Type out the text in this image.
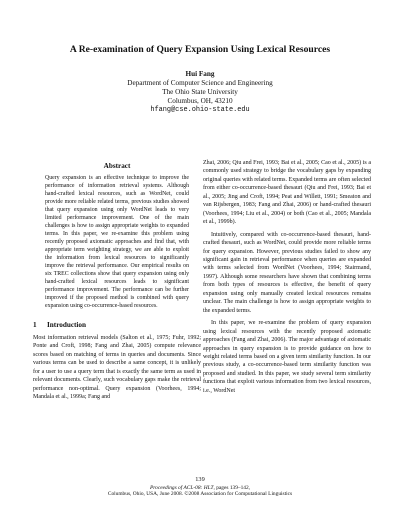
A Re-examination of Query Expansion Using Lexical Resources
Hui Fang
Department of Computer Science and Engineering
The Ohio State University
Columbus, OH, 43210
hfang@cse.ohio-state.edu
Abstract

Query expansion is an effective technique to improve the performance of information retrieval systems. Although hand-crafted lexical resources, such as WordNet, could provide more reliable related terms, previous studies showed that query expansion using only WordNet leads to very limited performance improvement. One of the main challenges is how to assign appropriate weights to expanded terms. In this paper, we re-examine this problem using recently proposed axiomatic approaches and find that, with appropriate term weighting strategy, we are able to exploit the information from lexical resources to significantly improve the retrieval performance. Our empirical results on six TREC collections show that query expansion using only hand-crafted lexical resources leads to significant performance improvement. The performance can be further improved if the proposed method is combined with query expansion using co-occurrence-based resources.

1 Introduction

Most information retrieval models (Salton et al., 1975; Fuhr, 1992; Ponte and Croft, 1998; Fang and Zhai, 2005) compute relevance scores based on matching of terms in queries and documents. Since various terms can be used to describe a same concept, it is unlikely for a user to use a query term that is exactly the same term as used in relevant documents. Clearly, such vocabulary gaps make the retrieval performance non-optimal. Query expansion (Voorhees, 1994; Mandala et al., 1999a; Fang and

Zhai, 2006; Qiu and Frei, 1993; Bai et al., 2005; Cao et al., 2005) is a commonly used strategy to bridge the vocabulary gaps by expanding original queries with related terms. Expanded terms are often selected from either co-occurrence-based thesauri (Qiu and Frei, 1993; Bai et al., 2005; Jing and Croft, 1994; Peat and Willett, 1991; Smeaton and van Rijsbergen, 1983; Fang and Zhai, 2006) or hand-crafted thesauri (Voorhees, 1994; Liu et al., 2004) or both (Cao et al., 2005; Mandala et al., 1999b).

Intuitively, compared with co-occurrence-based thesauri, hand-crafted thesauri, such as WordNet, could provide more reliable terms for query expansion. However, previous studies failed to show any significant gain in retrieval performance when queries are expanded with terms selected from WordNet (Voorhees, 1994; Stairmand, 1997). Although some researchers have shown that combining terms from both types of resources is effective, the benefit of query expansion using only manually created lexical resources remains unclear. The main challenge is how to assign appropriate weights to the expanded terms.

In this paper, we re-examine the problem of query expansion using lexical resources with the recently proposed axiomatic approaches (Fang and Zhai, 2006). The major advantage of axiomatic approaches in query expansion is to provide guidance on how to weight related terms based on a given term similarity function. In our previous study, a co-occurrence-based term similarity function was proposed and studied. In this paper, we study several term similarity functions that exploit various information from two lexical resources, i.e., WordNet

139
Proceedings of ACL-08: HLT, pages 139–142,
Columbus, Ohio, USA, June 2008. ©2008 Association for Computational Linguistics
